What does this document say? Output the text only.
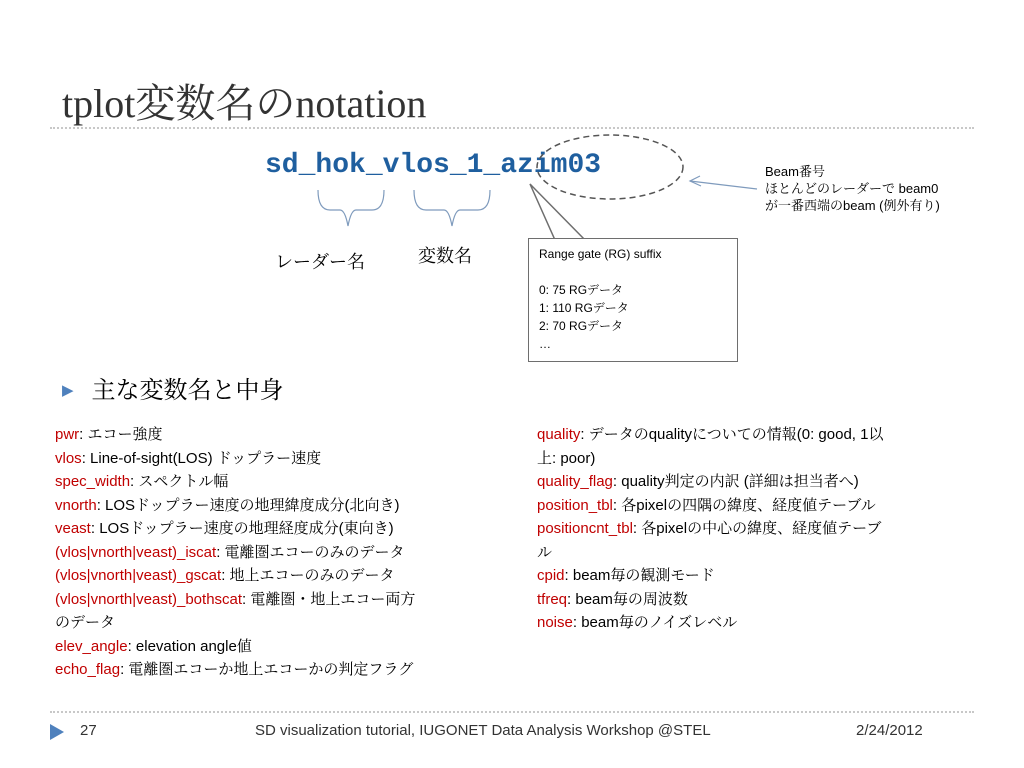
tplot変数名のnotation
sd_hok_vlos_1_azim03
Range gate (RG) suffix

0: 75 RGデータ
1: 110 RGデータ
2: 70 RGデータ
…
レーダー名	変数名
Beam番号
ほとんどのレーダーで beam0
が一番西端のbeam (例外有り)
▶ 主な変数名と中身
pwr: エコー強度
vlos: Line-of-sight(LOS) ドップラー速度
spec_width: スペクトル幅
vnorth: LOSドップラー速度の地理緯度成分(北向き)
veast: LOSドップラー速度の地理経度成分(東向き)
(vlos|vnorth|veast)_iscat: 電離圏エコーのみのデータ
(vlos|vnorth|veast)_gscat: 地上エコーのみのデータ
(vlos|vnorth|veast)_bothscat: 電離圏・地上エコー両方
のデータ
elev_angle: elevation angle値
echo_flag: 電離圏エコーか地上エコーかの判定フラグ
quality: データのqualityについての情報(0: good, 1以
上: poor)
quality_flag: quality判定の内訳 (詳細は担当者へ)
position_tbl: 各pixelの四隅の緯度、経度値テーブル
positioncnt_tbl: 各pixelの中心の緯度、経度値テーブ
ル
cpid: beam毎の観測モード
tfreq: beam毎の周波数
noise: beam毎のノイズレベル
27	SD visualization tutorial, IUGONET Data Analysis Workshop @STEL	2/24/2012
